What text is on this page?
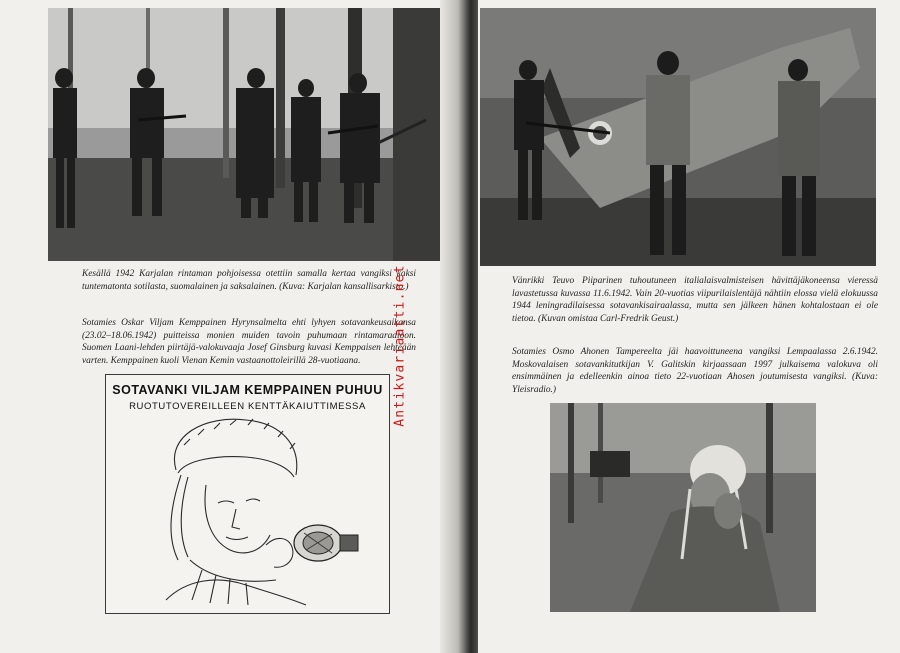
Kesällä 1942 Karjalan rintaman pohjoisessa otettiin samalla kertaa vangiksi kaksi tuntematonta sotilasta, suomalainen ja saksalainen. (Kuva: Karjalan kansallisarkisto.)

Sotamies Oskar Viljam Kemppainen Hyrynsalmelta ehti lyhyen sotavankeusaikansa (23.02–18.06.1942) puitteissa monien muiden tavoin puhumaan rintamaradioon. Suomen Laani-lehden piirtäjä-valokuvaaja Josef Ginsburg kuvasi Kemppaisen lehteään varten. Kemppainen kuoli Vienan Kemin vastaanottoleirillä 28-vuotiaana.

SOTAVANKI VILJAM KEMPPAINEN PUHUU
RUOTUTOVEREILLEEN KENTTÄKAIUTTIMESSA

Vänrikki Teuvo Piiparinen tuhoutuneen italialaisvalmisteisen hävittäjäkoneensa vieressä lavastetussa kuvassa 11.6.1942. Vain 20-vuotias viipurilaislentäjä nähtiin elossa vielä elokuussa 1944 leningradilaisessa sotavankisairaalassa, mutta sen jälkeen hänen kohtalostaan ei ole tietoa. (Kuvan omistaa Carl-Fredrik Geust.)

Sotamies Osmo Ahonen Tampereelta jäi haavoittuneena vangiksi Lempaalassa 2.6.1942. Moskovalaisen sotavankitutkijan V. Galitskin kirjaassaan 1997 julkaisema valokuva oli ensimmäinen ja edelleenkin ainoa tieto 22-vuotiaan Ahosen joutumisesta vangiksi. (Kuva: Yleisradio.)

Antikvariaatti.net
